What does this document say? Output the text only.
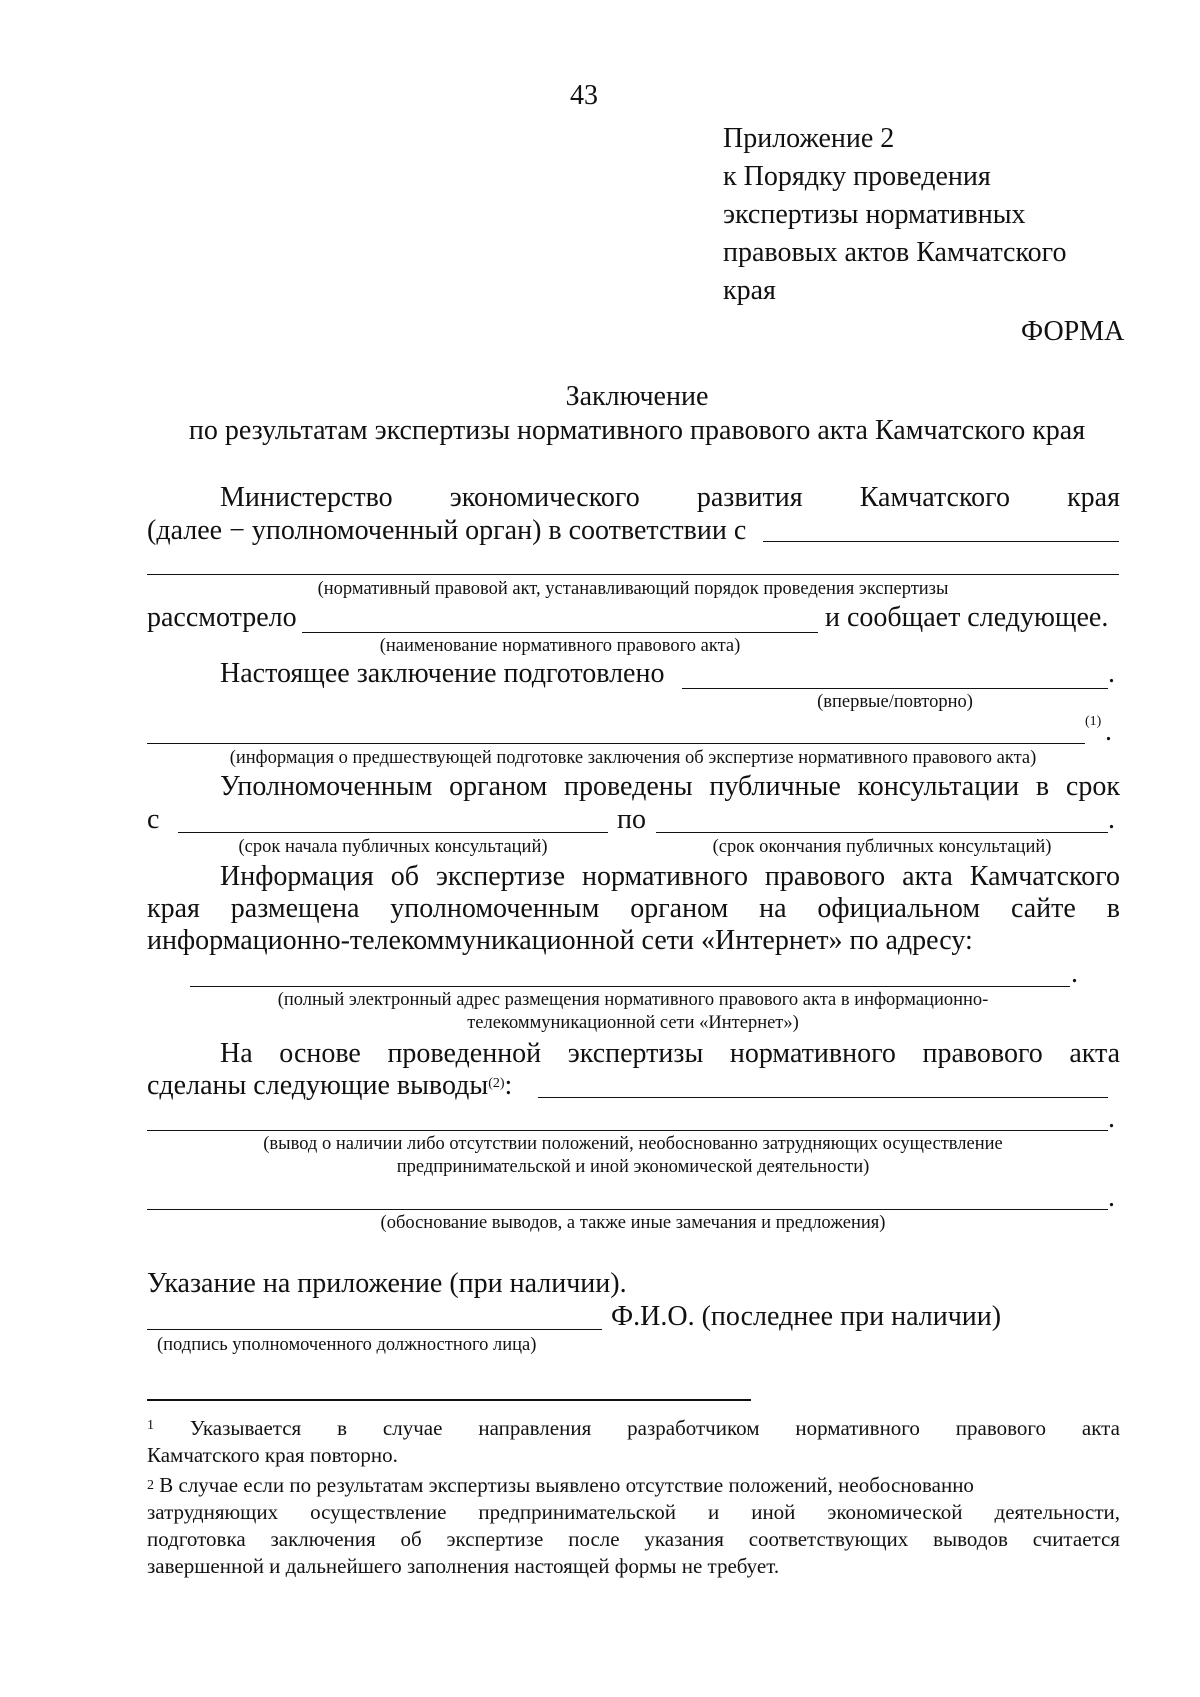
43
Приложение 2
к Порядку проведения
экспертизы нормативных
правовых актов Камчатского
края
ФОРМА
Заключение
по результатам экспертизы нормативного правового акта Камчатского края
Министерство экономического развития Камчатского края
(далее − уполномоченный орган) в соответствии с
(нормативный правовой акт, устанавливающий порядок проведения экспертизы
рассмотрело	и сообщает следующее.
(наименование нормативного правового акта)
Настоящее заключение подготовлено	.
(впервые/повторно)
(1) .
(информация о предшествующей подготовке заключения об экспертизе нормативного правового акта)
Уполномоченным органом проведены публичные консультации в срок
с	по	.
(срок начала публичных консультаций)	(срок окончания публичных консультаций)
Информация об экспертизе нормативного правового акта Камчатского
края размещена уполномоченным органом на официальном сайте в
информационно-телекоммуникационной сети «Интернет» по адресу:
.
(полный электронный адрес размещения нормативного правового акта в информационно-
телекоммуникационной сети «Интернет»)
На основе проведенной экспертизы нормативного правового акта
сделаны следующие выводы$^{(2)}$:
.
(вывод о наличии либо отсутствии положений, необоснованно затрудняющих осуществление
предпринимательской и иной экономической деятельности)
.
(обоснование выводов, а также иные замечания и предложения)
Указание на приложение (при наличии).
Ф.И.О. (последнее при наличии)
(подпись уполномоченного должностного лица)
1 Указывается в случае направления разработчиком нормативного правового акта
Камчатского края повторно.
2 В случае если по результатам экспертизы выявлено отсутствие положений, необоснованно
затрудняющих осуществление предпринимательской и иной экономической деятельности,
подготовка заключения об экспертизе после указания соответствующих выводов считается
завершенной и дальнейшего заполнения настоящей формы не требует.
